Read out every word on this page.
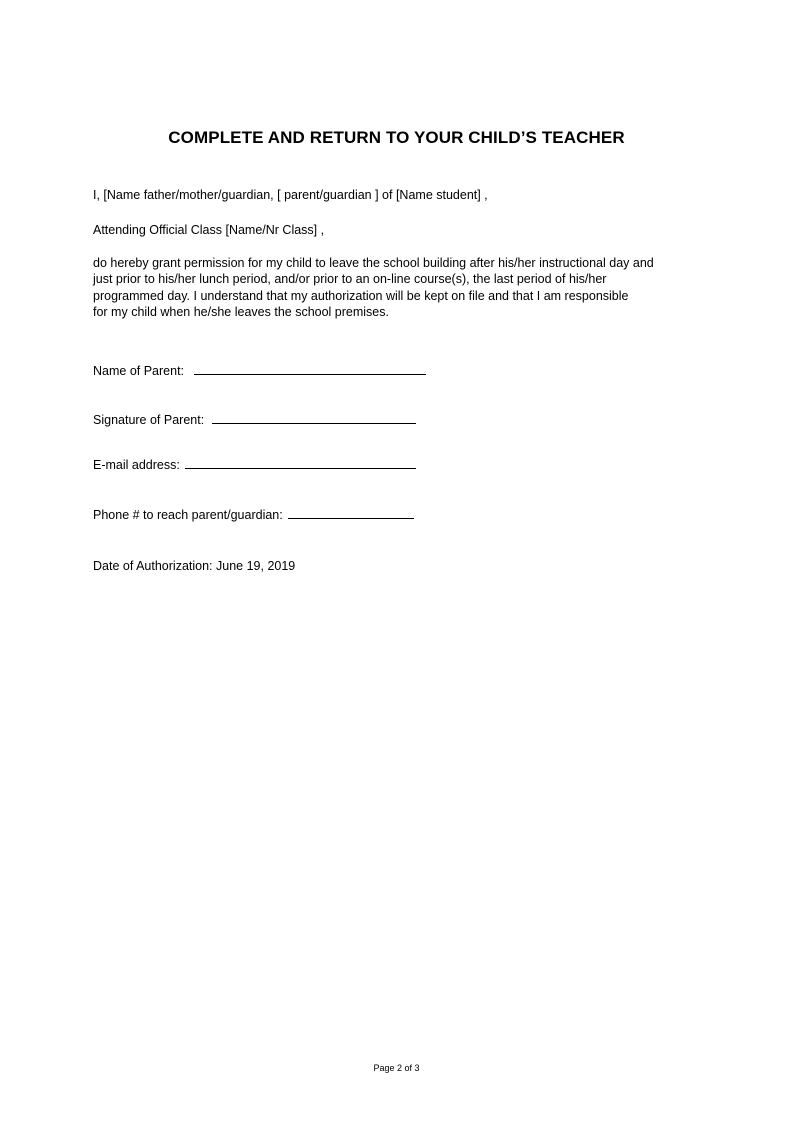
COMPLETE AND RETURN TO YOUR CHILD’S TEACHER
I, [Name father/mother/guardian, [ parent/guardian ] of [Name student] ,
Attending Official Class [Name/Nr Class] ,
do hereby grant permission for my child to leave the school building after his/her instructional day and
just prior to his/her lunch period, and/or prior to an on-line course(s), the last period of his/her
programmed day. I understand that my authorization will be kept on file and that I am responsible
for my child when he/she leaves the school premises.
Name of Parent:
Signature of Parent:
E-mail address:
Phone # to reach parent/guardian:
Date of Authorization: June 19, 2019
Page 2 of 3
